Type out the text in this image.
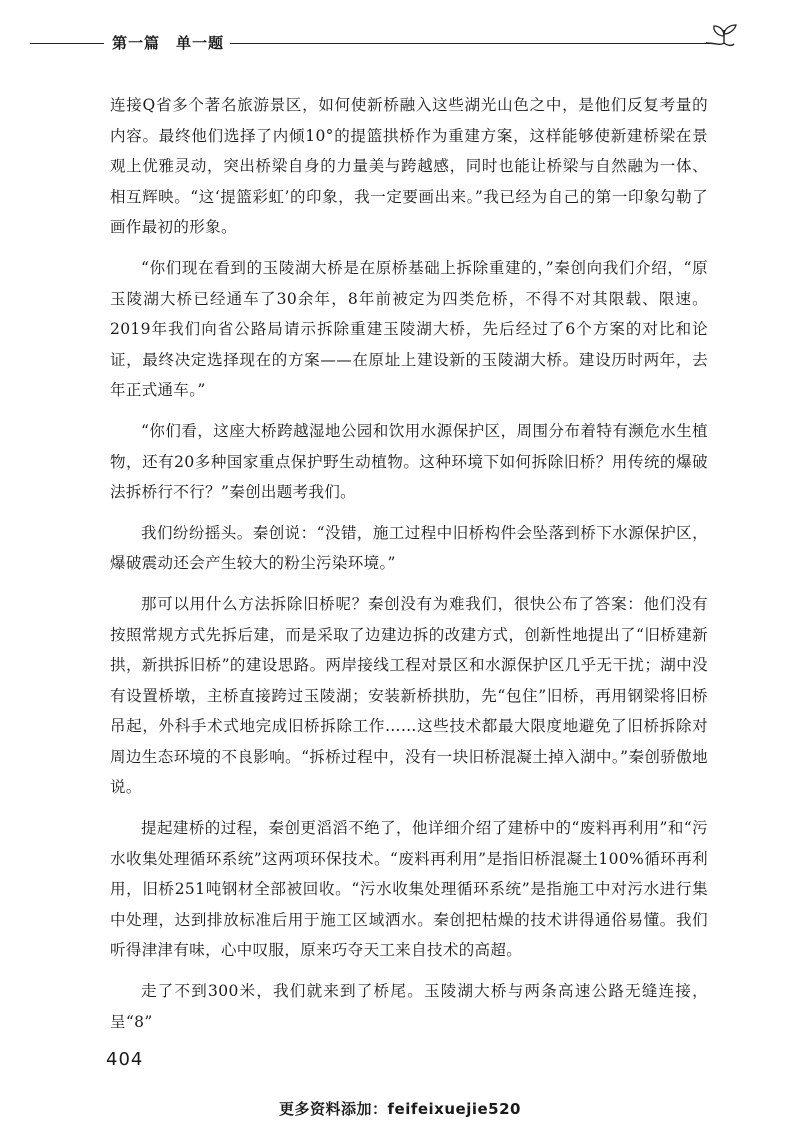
第一篇 单一题

连接Q省多个著名旅游景区，如何使新桥融入这些湖光山色之中，是他们反复考量的内容。最终他们选择了内倾10°的提篮拱桥作为重建方案，这样能够使新建桥梁在景观上优雅灵动，突出桥梁自身的力量美与跨越感，同时也能让桥梁与自然融为一体、相互辉映。“这‘提篮彩虹’的印象，我一定要画出来。”我已经为自己的第一印象勾勒了画作最初的形象。

“你们现在看到的玉陵湖大桥是在原桥基础上拆除重建的，”秦创向我们介绍，“原玉陵湖大桥已经通车了30余年，8年前被定为四类危桥，不得不对其限载、限速。2019年我们向省公路局请示拆除重建玉陵湖大桥，先后经过了6个方案的对比和论证，最终决定选择现在的方案——在原址上建设新的玉陵湖大桥。建设历时两年，去年正式通车。”

“你们看，这座大桥跨越湿地公园和饮用水源保护区，周围分布着特有濒危水生植物，还有20多种国家重点保护野生动植物。这种环境下如何拆除旧桥？用传统的爆破法拆桥行不行？”秦创出题考我们。

我们纷纷摇头。秦创说：“没错，施工过程中旧桥构件会坠落到桥下水源保护区，爆破震动还会产生较大的粉尘污染环境。”

那可以用什么方法拆除旧桥呢？秦创没有为难我们，很快公布了答案：他们没有按照常规方式先拆后建，而是采取了边建边拆的改建方式，创新性地提出了“旧桥建新拱，新拱拆旧桥”的建设思路。两岸接线工程对景区和水源保护区几乎无干扰；湖中没有设置桥墩，主桥直接跨过玉陵湖；安装新桥拱肋，先“包住”旧桥，再用钢梁将旧桥吊起，外科手术式地完成旧桥拆除工作……这些技术都最大限度地避免了旧桥拆除对周边生态环境的不良影响。“拆桥过程中，没有一块旧桥混凝土掉入湖中。”秦创骄傲地说。

提起建桥的过程，秦创更滔滔不绝了，他详细介绍了建桥中的“废料再利用”和“污水收集处理循环系统”这两项环保技术。“废料再利用”是指旧桥混凝土100%循环再利用，旧桥251吨钢材全部被回收。“污水收集处理循环系统”是指施工中对污水进行集中处理，达到排放标准后用于施工区域洒水。秦创把枯燥的技术讲得通俗易懂。我们听得津津有味，心中叹服，原来巧夺天工来自技术的高超。

走了不到300米，我们就来到了桥尾。玉陵湖大桥与两条高速公路无缝连接，呈“8”

404
更多资料添加：feifeixuejie520
